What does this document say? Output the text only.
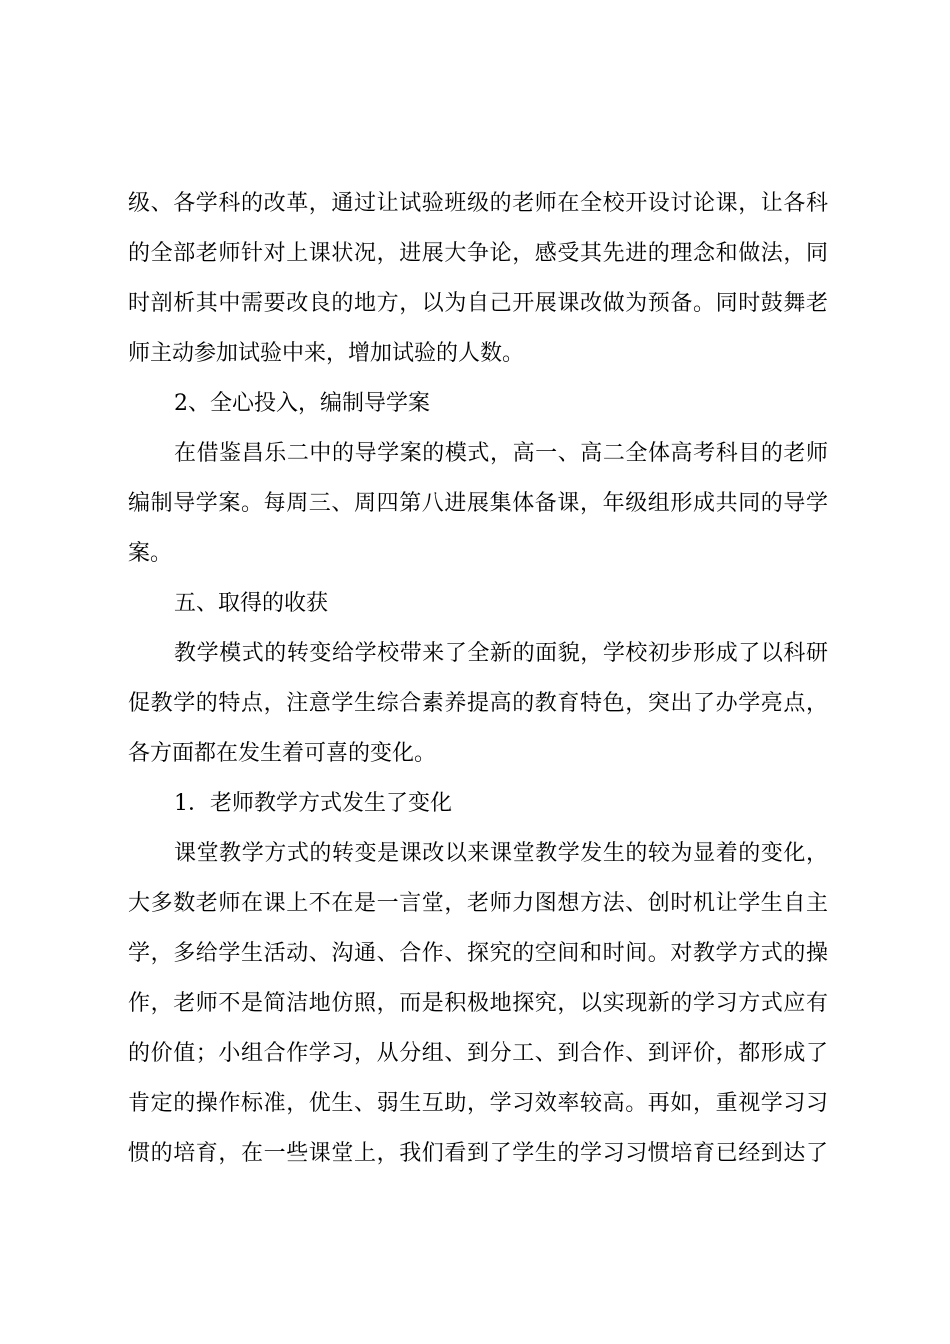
级、各学科的改革，通过让试验班级的老师在全校开设讨论课，让各科
的全部老师针对上课状况，进展大争论，感受其先进的理念和做法，同
时剖析其中需要改良的地方，以为自己开展课改做为预备。同时鼓舞老
师主动参加试验中来，增加试验的人数。
2、全心投入，编制导学案
在借鉴昌乐二中的导学案的模式，高一、高二全体高考科目的老师
编制导学案。每周三、周四第八进展集体备课，年级组形成共同的导学
案。
五、取得的收获
教学模式的转变给学校带来了全新的面貌，学校初步形成了以科研
促教学的特点，注意学生综合素养提高的教育特色，突出了办学亮点，
各方面都在发生着可喜的变化。
1．老师教学方式发生了变化
课堂教学方式的转变是课改以来课堂教学发生的较为显着的变化，
大多数老师在课上不在是一言堂，老师力图想方法、创时机让学生自主
学，多给学生活动、沟通、合作、探究的空间和时间。对教学方式的操
作，老师不是简洁地仿照，而是积极地探究，以实现新的学习方式应有
的价值；小组合作学习，从分组、到分工、到合作、到评价，都形成了
肯定的操作标准，优生、弱生互助，学习效率较高。再如，重视学习习
惯的培育，在一些课堂上，我们看到了学生的学习习惯培育已经到达了
